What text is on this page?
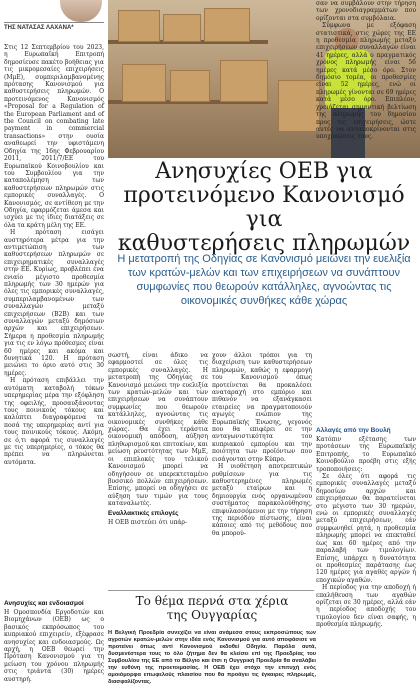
ΤΗΣ ΝΑΤΑΣΑΣ ΛΑΧΑΝΑ*
Ανησυχίες ΟΕΒ για
προτεινόμενο Κανονισμό για
καθυστερήσεις πληρωμών
Η μετατροπή της Οδηγίας σε Κανονισμό μειώνει την ευελιξία των κρατών-μελών και των επιχειρήσεων να συνάπτουν συμφωνίες που θεωρούν κατάλληλες, αγνοώντας τις οικονομικές συνθήκες κάθε χώρας

Στις 12 Σεπτεμβρίου του 2023, η Ευρωπαϊκή Επιτροπή δημοσίευσε πακέτο βοήθειας για τις μικρομεσαίες επιχειρήσεις (ΜμΕ), συμπεριλαμβανομένης πρότασης Κανονισμού για καθυστερήσεις πληρωμών. Ο προτεινόμενος Κανονισμός «Proposal for a Regulation of the European Parliament and of the Council on combating late payment in commercial transactions» στην ουσία αναθεωρεί την υφιστάμενη Οδηγία της 16ης Φεβρουαρίου 2011, 2011/7/ΕΕ του Ευρωπαϊκού Κοινοβουλίου και του Συμβουλίου για την καταπολέμηση των καθυστερήσεων πληρωμών στις εμπορικές συναλλαγές. Ο Κανονισμός, σε αντίθεση με την Οδηγία, εφαρμόζεται άμεσα και ισχύει με τις ίδιες διατάξεις σε όλα τα κράτη μέλη της ΕΕ.

Η πρόταση εισάγει αυστηρότερα μέτρα για την αντιμετώπιση των καθυστερήσεων πληρωμών σε επιχειρηματικές συναλλαγές στην ΕΕ. Κυρίως, προβλέπει ένα ενιαίο μέγιστο προθεσμία πληρωμής των 30 ημερών για όλες τις εμπορικές συναλλαγές, συμπεριλαμβανομένων των συναλλαγών μεταξύ επιχειρήσεων (B2B) και των συναλλαγών μεταξύ δημόσιων αρχών και επιχειρήσεων. Σήμερα η προθεσμία πληρωμής για τις εν λόγω πρόθεσμες είναι 60 ημέρες και ακόμα και δυνητικά 120. Η πρόταση μειώνει το όριο αυτό στις 30 ημέρες.

Η πρόταση επιβάλλει την αυτόματη καταβολή τόκων υπερημερίας μέρα την εξόφληση της οφειλής, προσαυξάνοντας τους ποινικούς τόκους και καλύπτει διαγραφόμενα τα ποσά της υπερημερίας αντί για τους ποινικούς τόκους. Ακόμη, σε ό,τι αφορά τις συναλλαγές με τις υπερημερίες, ο τόκος θα πρέπει να πληρώνεται αυτόματα.

Ανησυχίες και ενδοιασμοί

Η Ομοσπονδία Εργοδοτών και Βιομηχάνων (ΟΕΒ) ως ο βασικός εκπρόσωπος του κυπριακού επιχειρείν, εξέφρασε ανησυχίες και ενδοιασμούς. Ως αρχή, η ΟΕΒ θεωρεί την Πρόταση Κανονισμού για τη μείωση του χρόνου πληρωμής στις τριάντα (30) ημέρες αυστηρή.

σωστή, είναι άδικο να εφαρμοστεί σε όλες τις εμπορικές συναλλαγές. Η μετατροπή της Οδηγίας σε Κανονισμό μειώνει την ευελιξία των κρατών-μελών και των επιχειρήσεων να συνάπτουν συμφωνίες που θεωρούν κατάλληλες, αγνοώντας τις οικονομικές συνθήκες κάθε χώρας. Θα έχει τεράστια οικονομική απόδοση, αύξηση πληθωρισμού και επιτοκίων, και μείωση ρευστότητας των ΜμΕ, οι επιπλοκές του τελικού Κανονισμού μπορεί να οδηγήσουν σε υπερεκτεταμένο βυσσικό πολλών επιχειρήσεων. Επίσης, μπορεί να οδηγήσει σε αύξηση των τιμών για τους καταναλωτές.

Εναλλακτικές επιλογές

Η ΟΕΒ πιστεύει ότι υπάρ-

χουν άλλοι τρόποι για τη διαχείριση των καθυστερήσεων πληρωμών, καθώς η εφαρμογή του Κανονισμού όπως προτείνεται θα προκαλέσει αναταραχή στο εμπόριο και πιθανόν να εξανάγκασει εταιρείες να πραγματοποιούν αγωγές ενώπιον της Ευρωπαϊκής Ένωσης, γεγονός που θα επιφέρει σε την ανταγωνιστικότητα του κυπριακού εμπορίου και την ποιότητα των προϊόντων που εισάγονται στην Κύπρο.

Η υιοθέτηση αποτρεπτικών ρυθμίσεων για τις καθυστερημένες πληρωμές μεταξύ εταίρων και η δημιουργία ενός οργανωμένου συστήματος παρακολούθησης, επιφυλασσόμενοι με την τήρηση της περιόδου πίστωσης, είναι κάποιες από τις μεθόδους που θα μπορού-

σαν να συμβάλουν στην τήρηση των χρονοδιαγραμμάτων που ορίζονται στα συμβόλαια.

Σύμφωνα με εξόφαση στατιστικά, στις χώρες της ΕΕ η προθεσμία πληρωμής μεταξύ επιχειρήσεων συναλλαγών είναι 41 ημέρες, αλλά ο πραγματικός χρόνος πληρωμής είναι 56 ημέρες κατά μέσο όρο. Στον δημόσιο τομέα, οι προθεσμίες είναι 52 ημέρες, ενώ οι πληρωμές γίνονται σε 69 ημέρες κατά μέσο όρο. Επιπλέον, χρειάζεται σημαντική βελτίωση της πληρωμής του δημοσίου προς τις επιχειρήσεις, ώστε αυτές να ανταποκρίνονται στις υποχρεώσεις τους.

Αλλαγές από την Βουλή

Κατόπιν εξέτασης των προτάσεων της Ευρωπαϊκής Επιτροπής, το Ευρωπαϊκό Κοινοβούλιο προέβη στις εξής τροποποιήσεις:

Σε όλες ότι αφορά τις εμπορικές συναλλαγές μεταξύ δημοσίων αρχών και επιχειρήσεων θα παρατείνεται στο μέγιστο των 30 ημερών, ενώ οι εμπορικές συναλλαγές μεταξύ επιχειρήσεων, εάν συμφωνηθεί ρητά, η προθεσμία πληρωμής μπορεί να επεκταθεί έως και 60 ημέρες από την παραλαβή των τιμολογίων. Επίσης, υπάρχει η δυνατότητα οι προθεσμίες παράτασης έως 120 ημέρες για αγαθές αργών ή εποχικών αγαθών.

Η περίοδος για την αποδοχή ή επαλήθευση των αγαθών ορίζεται σε 30 ημέρες, αλλά εάν η περίοδος αποδοχής του τιμολογίου δεν είναι σαφής, η προθεσμία πληρωμής.

Το θέμα περνά στα χέρια
της Ουγγαρίας
Η Βελγική Προεδρία συνεχίζει να είναι ανάμεσα στους εκπροσώπους των αγροτών κρατών-μελών στην ιδέα ενός Κανονισμού για αυτό αποφάσισε να προτείνει όπως αντί Κανονισμού εκδοθεί Οδηγία. Παρόλα αυτά, δυσμενέστερα τους το όλο ζήτημα δεν θα κλείσει επί της Προεδρίας του Συμβουλίου της ΕΕ από το Βέλγιο και έτσι η Ουγγρική Προεδρία θα αναλάβει την ευθύνη της προετοιμασίας. Η ΟΕΒ έχει στόχο την επιτυχή ενός ομοιόμορφα επωφελούς πλαισίου που θα προάγει τις έγκαιρες πληρωμές, διασφαλίζοντας.
